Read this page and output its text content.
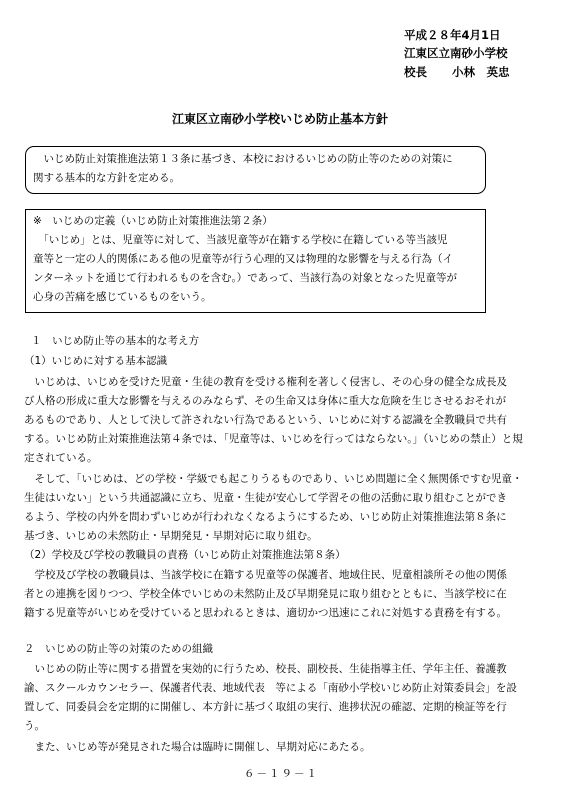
平成２８年4月1日
江東区立南砂小学校
校長 小林　英忠
江東区立南砂小学校いじめ防止基本方針
　いじめ防止対策推進法第１３条に基づき、本校におけるいじめの防止等のための対策に
関する基本的な方針を定める。
※　いじめの定義（いじめ防止対策推進法第２条）
　「いじめ」とは、児童等に対して、当該児童等が在籍する学校に在籍している等当該児
童等と一定の人的関係にある他の児童等が行う心理的又は物理的な影響を与える行為（イ
ンターネットを通じて行われるものを含む。）であって、当該行為の対象となった児童等が
心身の苦痛を感じているものをいう。
１　いじめ防止等の基本的な考え方
（1）いじめに対する基本認識
　いじめは、いじめを受けた児童・生徒の教育を受ける権利を著しく侵害し、その心身の健全な成長及
び人格の形成に重大な影響を与えるのみならず、その生命又は身体に重大な危険を生じさせるおそれが
あるものであり、人として決して許されない行為であるという、いじめに対する認識を全教職員で共有
する。いじめ防止対策推進法第４条では、「児童等は、いじめを行ってはならない。」（いじめの禁止）と規
定されている。
　そして、「いじめは、どの学校・学級でも起こりうるものであり、いじめ問題に全く無関係ですむ児童・
生徒はいない」という共通認識に立ち、児童・生徒が安心して学習その他の活動に取り組むことができ
るよう、学校の内外を問わずいじめが行われなくなるようにするため、いじめ防止対策推進法第８条に
基づき、いじめの未然防止・早期発見・早期対応に取り組む。
（2）学校及び学校の教職員の責務（いじめ防止対策推進法第８条）
　学校及び学校の教職員は、当該学校に在籍する児童等の保護者、地域住民、児童相談所その他の関係
者との連携を図りつつ、学校全体でいじめの未然防止及び早期発見に取り組むとともに、当該学校に在
籍する児童等がいじめを受けていると思われるときは、適切かつ迅速にこれに対処する責務を有する。
２　いじめの防止等の対策のための組織
　いじめの防止等に関する措置を実効的に行うため、校長、副校長、生徒指導主任、学年主任、養護教
諭、スクールカウンセラー、保護者代表、地域代表　等による「南砂小学校いじめ防止対策委員会」を設
置して、同委員会を定期的に開催し、本方針に基づく取組の実行、進捗状況の確認、定期的検証等を行
う。
　また、いじめ等が発見された場合は臨時に開催し、早期対応にあたる。
６－１９－１
